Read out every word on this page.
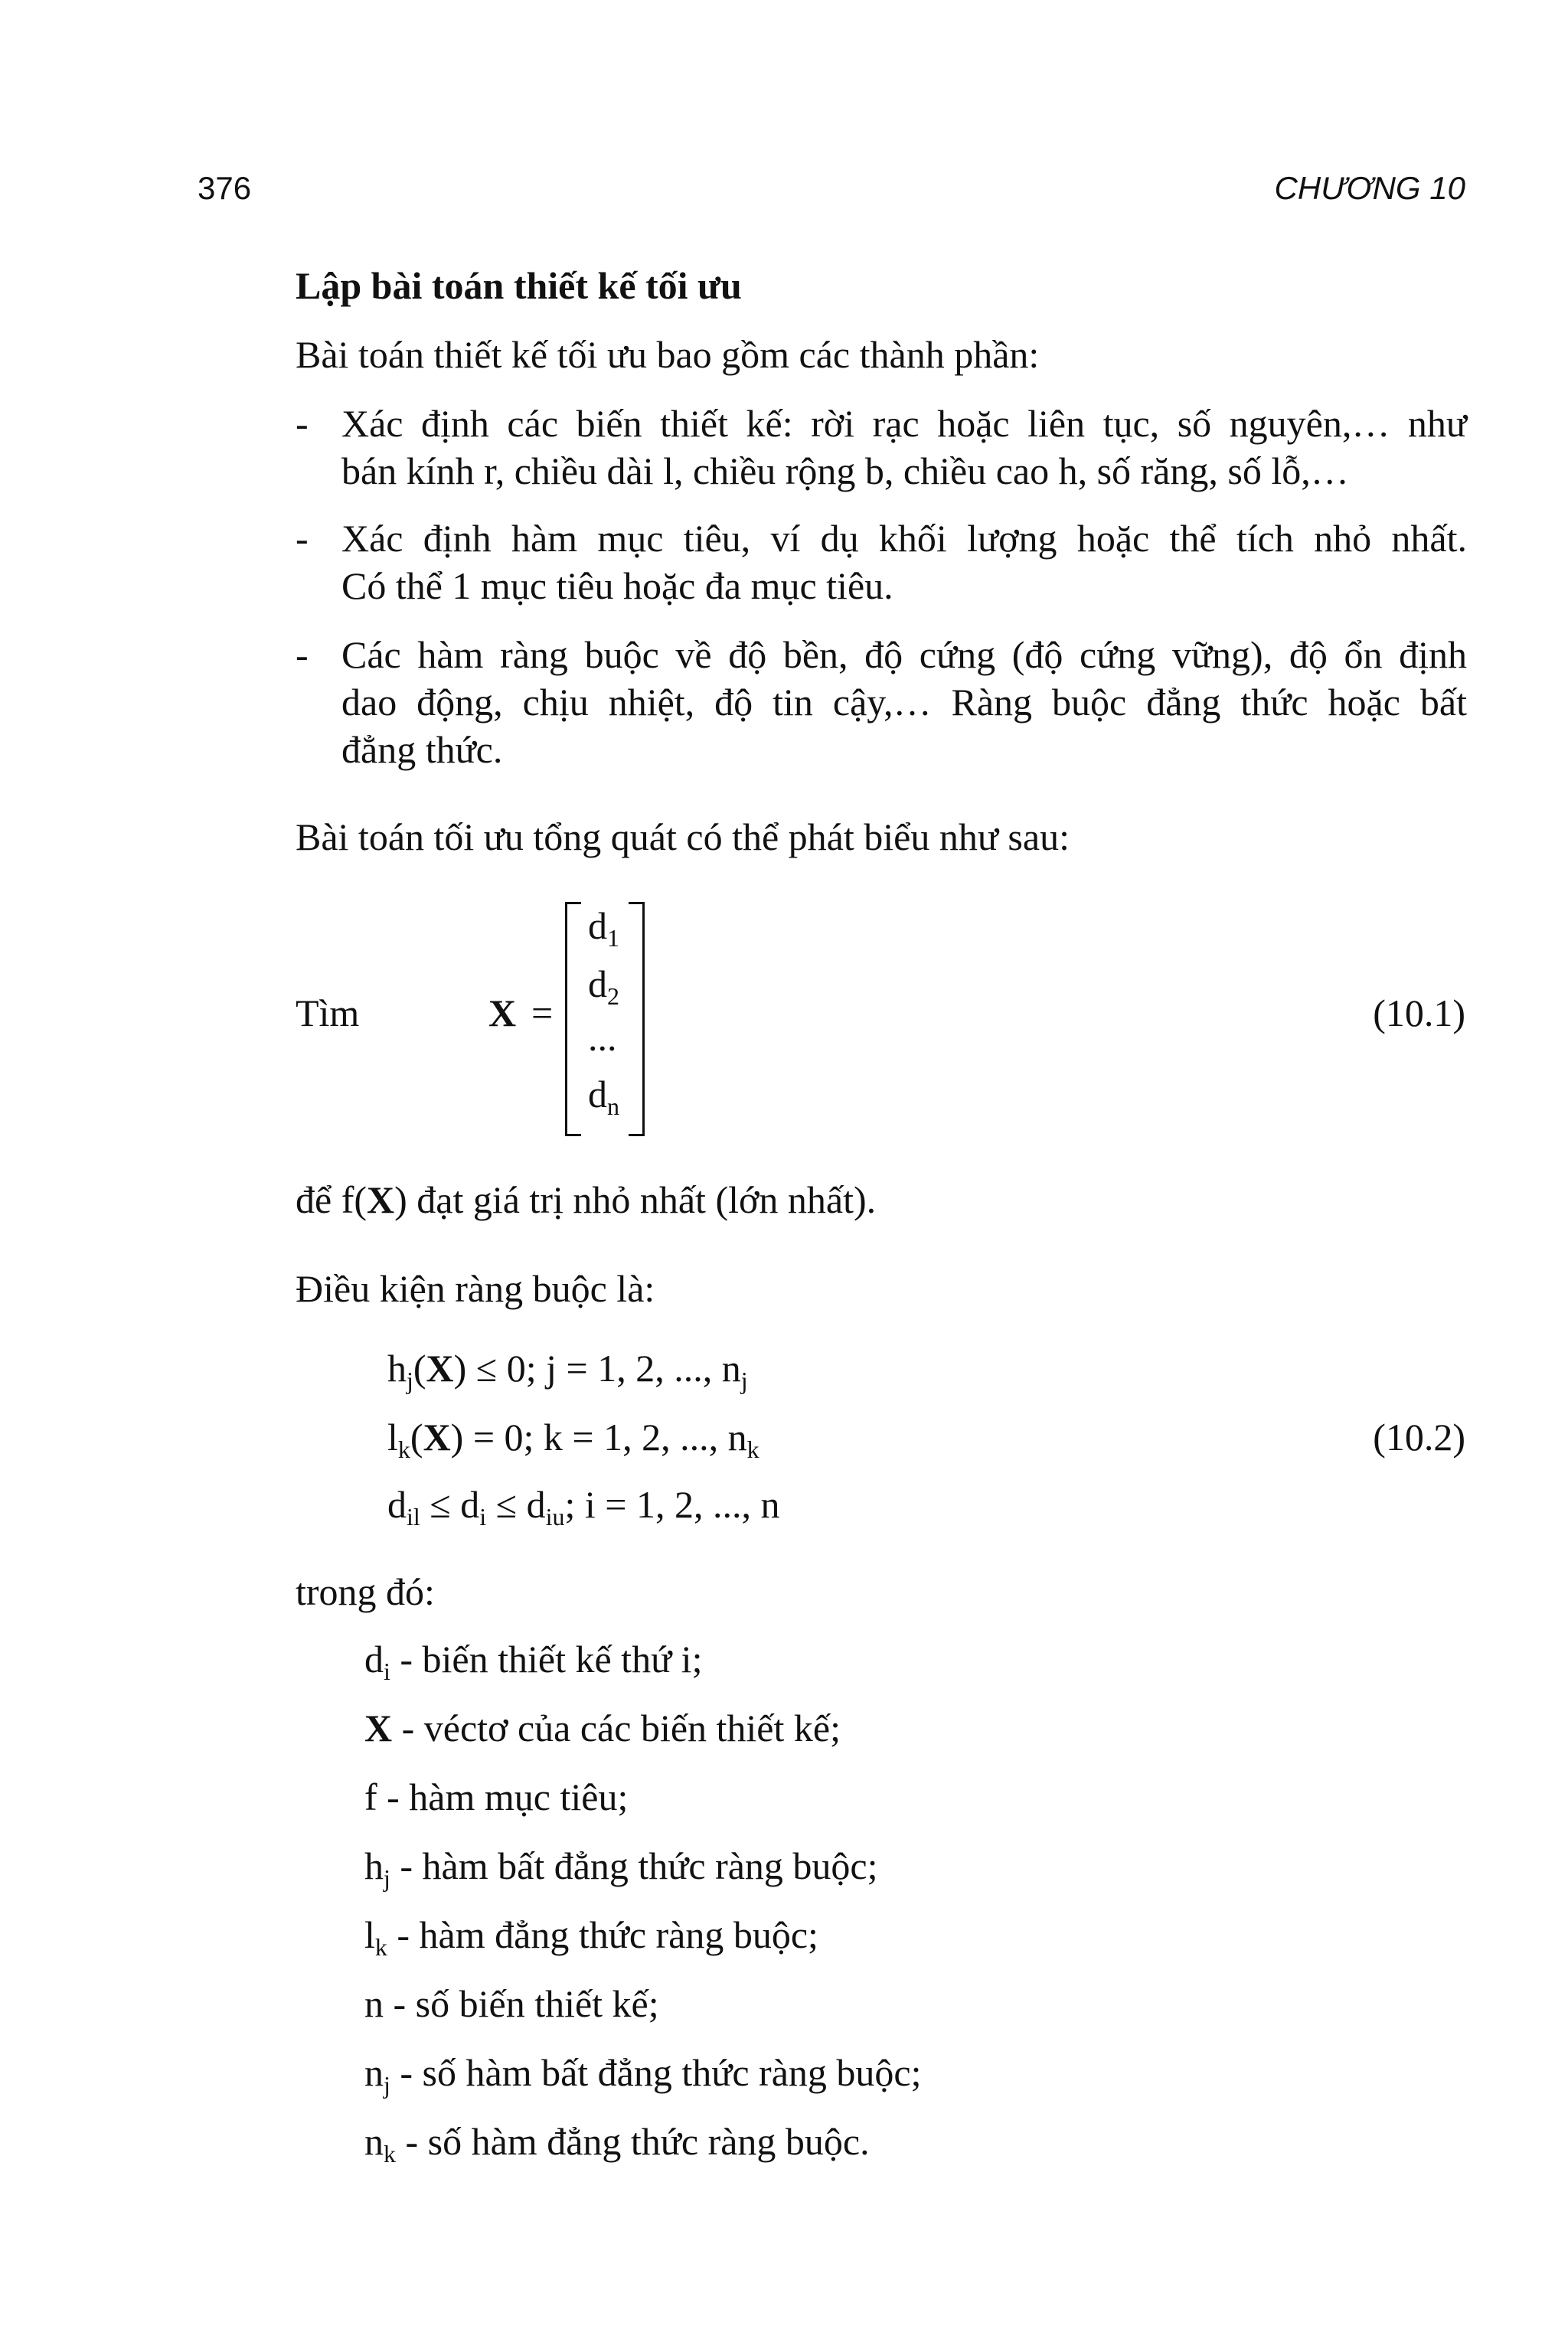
376	CHƯƠNG 10
Lập bài toán thiết kế tối ưu
Bài toán thiết kế tối ưu bao gồm các thành phần:
- Xác định các biến thiết kế: rời rạc hoặc liên tục, số nguyên,… như
bán kính r, chiều dài l, chiều rộng b, chiều cao h, số răng, số lỗ,…
- Xác định hàm mục tiêu, ví dụ khối lượng hoặc thể tích nhỏ nhất.
Có thể 1 mục tiêu hoặc đa mục tiêu.
- Các hàm ràng buộc về độ bền, độ cứng (độ cứng vững), độ ổn định
dao động, chịu nhiệt, độ tin cậy,… Ràng buộc đẳng thức hoặc bất
đẳng thức.
Bài toán tối ưu tổng quát có thể phát biểu như sau:
Tìm	X =
$d_1$
$d_2$
...
$d_n$
(10.1)
để f(X) đạt giá trị nhỏ nhất (lớn nhất).
Điều kiện ràng buộc là:
$h_j(X) \le 0$; j = 1, 2, ..., $n_j$
$l_k(X) = 0$; k = 1, 2, ..., $n_k$
$d_{il} \le d_i \le d_{iu}$; i = 1, 2, ..., n
(10.2)
trong đó:
$d_i$ - biến thiết kế thứ i;
X - véctơ của các biến thiết kế;
f - hàm mục tiêu;
$h_j$ - hàm bất đẳng thức ràng buộc;
$l_k$ - hàm đẳng thức ràng buộc;
n - số biến thiết kế;
$n_j$ - số hàm bất đẳng thức ràng buộc;
$n_k$ - số hàm đẳng thức ràng buộc.
